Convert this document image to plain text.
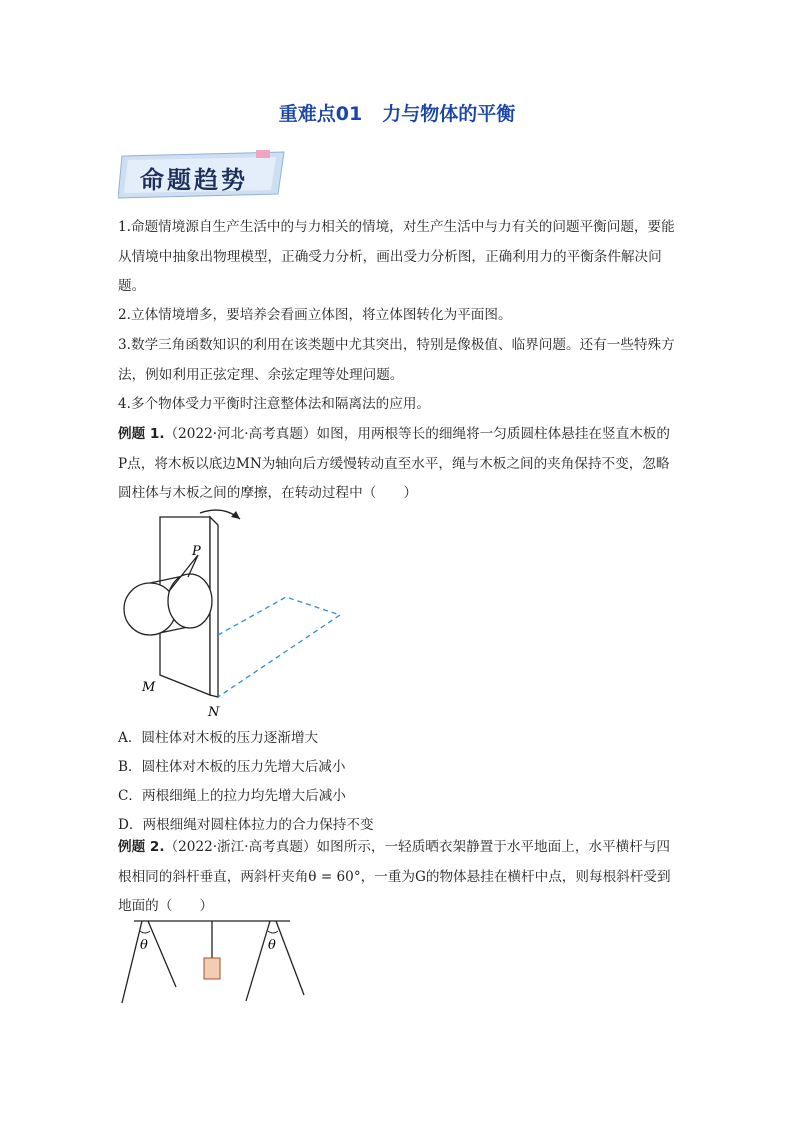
重难点01 力与物体的平衡
命题趋势
1.命题情境源自生产生活中的与力相关的情境，对生产生活中与力有关的问题平衡问题，要能从情境中抽象出物理模型，正确受力分析，画出受力分析图，正确利用力的平衡条件解决问题。
2.立体情境增多，要培养会看画立体图，将立体图转化为平面图。
3.数学三角函数知识的利用在该类题中尤其突出，特别是像极值、临界问题。还有一些特殊方法，例如利用正弦定理、余弦定理等处理问题。
4.多个物体受力平衡时注意整体法和隔离法的应用。
例题 1.（2022·河北·高考真题）如图，用两根等长的细绳将一匀质圆柱体悬挂在竖直木板的P点，将木板以底边MN为轴向后方缓慢转动直至水平，绳与木板之间的夹角保持不变，忽略圆柱体与木板之间的摩擦，在转动过程中（　　）
P
M
N
A．圆柱体对木板的压力逐渐增大
B．圆柱体对木板的压力先增大后减小
C．两根细绳上的拉力均先增大后减小
D．两根细绳对圆柱体拉力的合力保持不变
例题 2.（2022·浙江·高考真题）如图所示，一轻质晒衣架静置于水平地面上，水平横杆与四根相同的斜杆垂直，两斜杆夹角θ = 60°，一重为G的物体悬挂在横杆中点，则每根斜杆受到地面的（　　）
θ	θ
